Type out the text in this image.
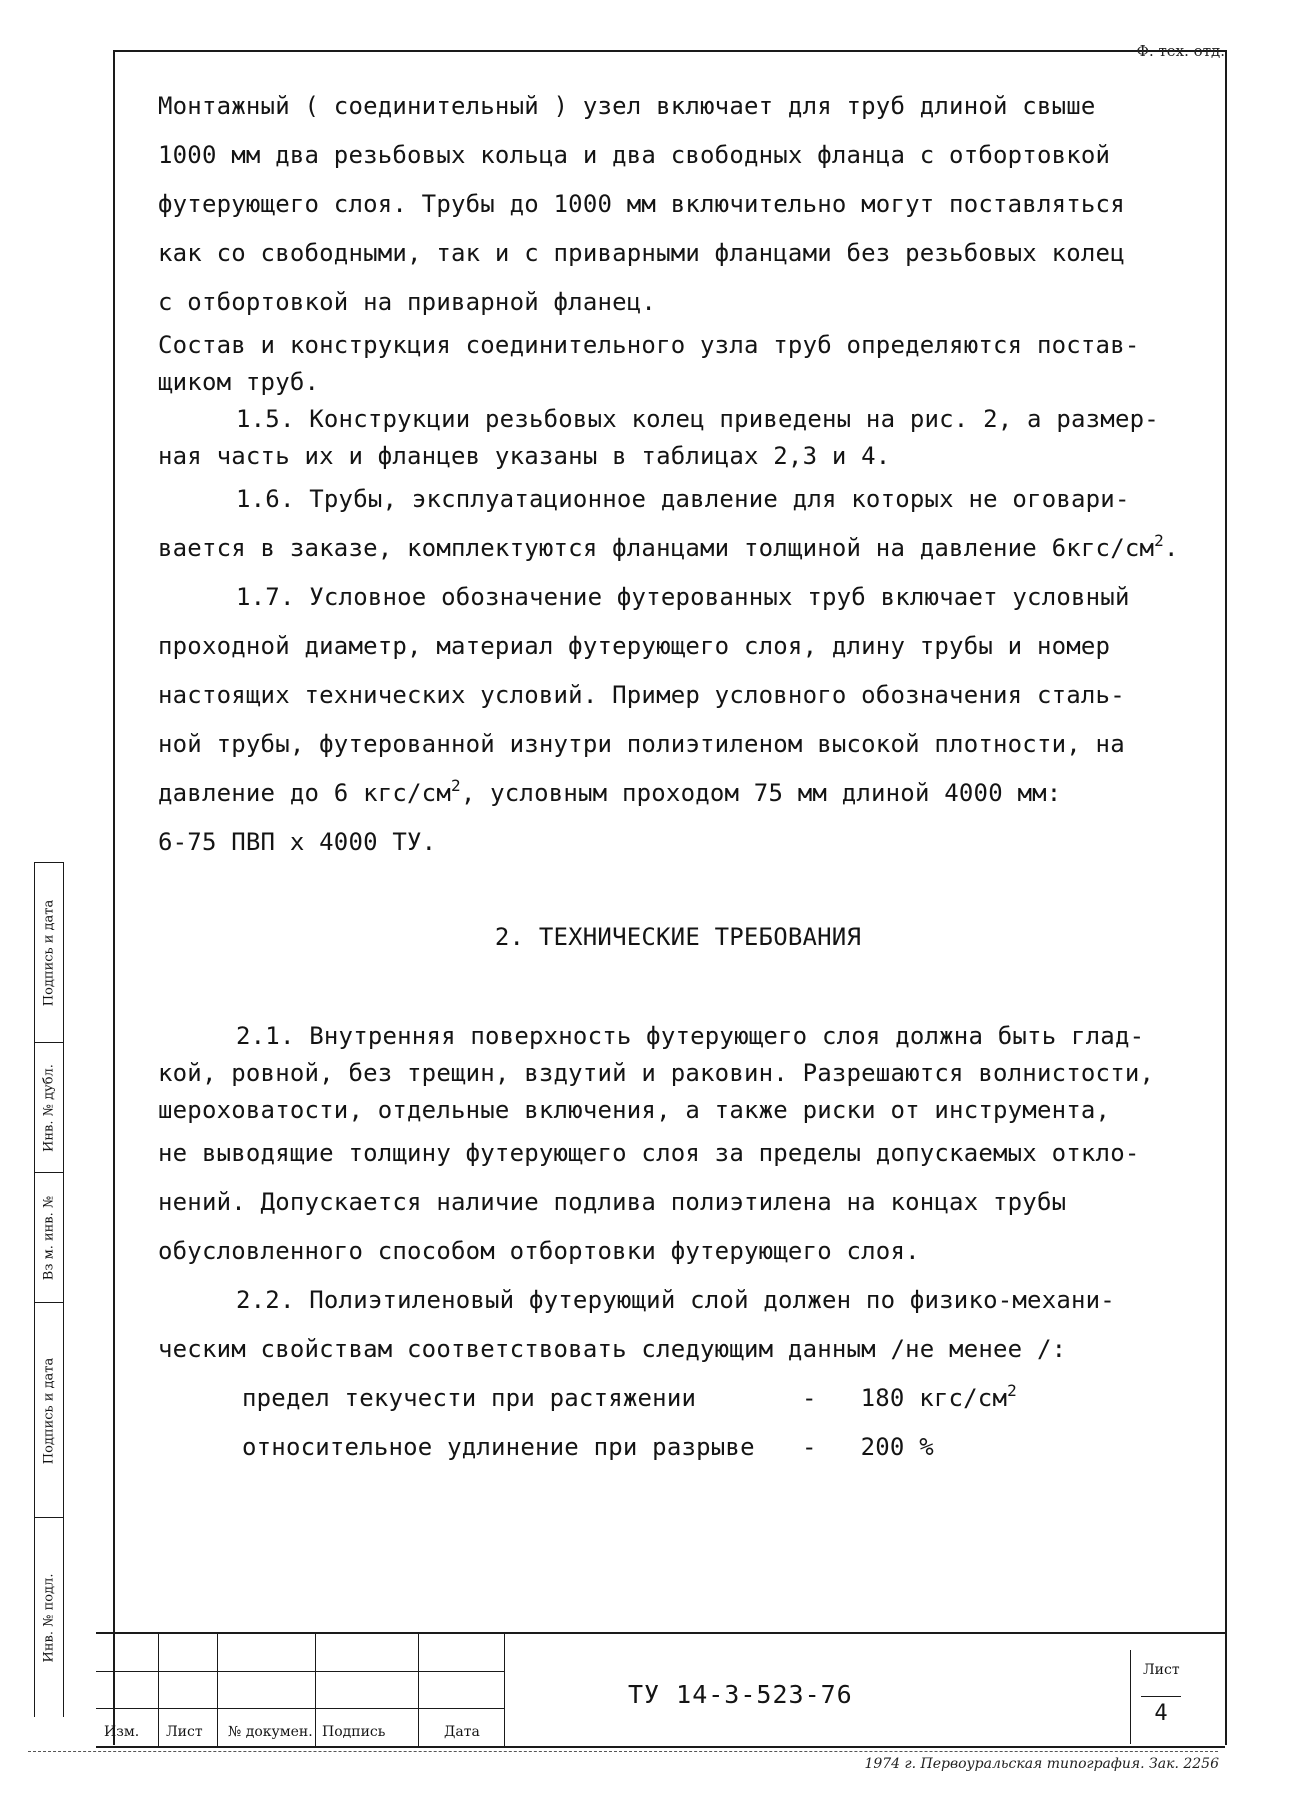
Ф. тех. отд.
Монтажный ( соединительный ) узел включает для труб длиной свыше
1000 мм два резьбовых кольца и два свободных фланца с отбортовкой
футерующего слоя. Трубы до 1000 мм включительно могут поставляться
как со свободными, так и с приварными фланцами без резьбовых колец
с отбортовкой на приварной фланец.
Состав и конструкция соединительного узла труб определяются постав-
щиком труб.
1.5. Конструкции резьбовых колец приведены на рис. 2, а размер-
ная часть их и фланцев указаны в таблицах 2,3 и 4.
1.6. Трубы, эксплуатационное давление для которых не оговари-
вается в заказе, комплектуются фланцами толщиной на давление $6кгс/см^2$.
1.7. Условное обозначение футерованных труб включает условный
проходной диаметр, материал футерующего слоя, длину трубы и номер
настоящих технических условий. Пример условного обозначения сталь-
ной трубы, футерованной изнутри полиэтиленом высокой плотности, на
давление до 6 кгс/$см^2$, условным проходом 75 мм длиной 4000 мм:
6-75 ПВП х 4000 ТУ.
2. ТЕХНИЧЕСКИЕ ТРЕБОВАНИЯ
2.1. Внутренняя поверхность футерующего слоя должна быть глад-
кой, ровной, без трещин, вздутий и раковин. Разрешаются волнистости,
шероховатости, отдельные включения, а также риски от инструмента,
не выводящие толщину футерующего слоя за пределы допускаемых откло-
нений. Допускается наличие подлива полиэтилена на концах трубы
обусловленного способом отбортовки футерующего слоя.
2.2. Полиэтиленовый футерующий слой должен по физико-механи-
ческим свойствам соответствовать следующим данным /не менее /:
предел текучести при растяжении	- 180 кгс/$см^2$
относительное удлинение при разрыве - 200 %
Подпись и дата
Инв. № дубл.
Вз м. инв. №
Подпись и дата
Инв. № подл.
Изм. Лист № докумен. Подпись	Дата
ТУ 14-3-523-76
Лист
4
1974 г. Первоуральская типография. Зак. 2256
